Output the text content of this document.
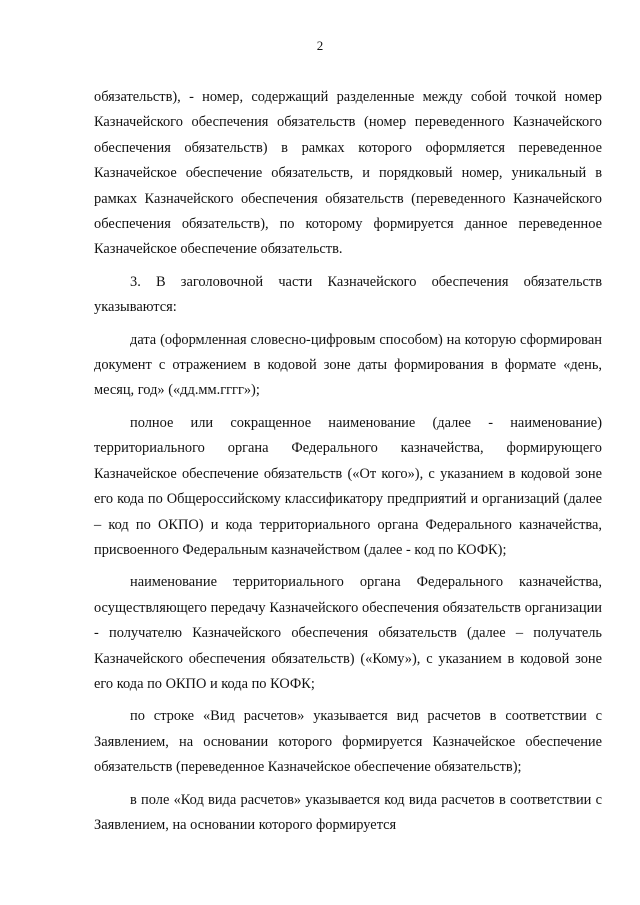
2

обязательств), - номер, содержащий разделенные между собой точкой номер Казначейского обеспечения обязательств (номер переведенного Казначейского обеспечения обязательств) в рамках которого оформляется переведенное Казначейское обеспечение обязательств, и порядковый номер, уникальный в рамках Казначейского обеспечения обязательств (переведенного Казначейского обеспечения обязательств), по которому формируется данное переведенное Казначейское обеспечение обязательств.

3. В заголовочной части Казначейского обеспечения обязательств указываются:

дата (оформленная словесно-цифровым способом) на которую сформирован документ с отражением в кодовой зоне даты формирования в формате «день, месяц, год» («дд.мм.гггг»);

полное или сокращенное наименование (далее - наименование) территориального органа Федерального казначейства, формирующего Казначейское обеспечение обязательств («От кого»), с указанием в кодовой зоне его кода по Общероссийскому классификатору предприятий и организаций (далее – код по ОКПО) и кода территориального органа Федерального казначейства, присвоенного Федеральным казначейством (далее - код по КОФК);

наименование территориального органа Федерального казначейства, осуществляющего передачу Казначейского обеспечения обязательств организации - получателю Казначейского обеспечения обязательств (далее – получатель Казначейского обеспечения обязательств) («Кому»), с указанием в кодовой зоне его кода по ОКПО и кода по КОФК;

по строке «Вид расчетов» указывается вид расчетов в соответствии с Заявлением, на основании которого формируется Казначейское обеспечение обязательств (переведенное Казначейское обеспечение обязательств);

в поле «Код вида расчетов» указывается код вида расчетов в соответствии с Заявлением, на основании которого формируется
